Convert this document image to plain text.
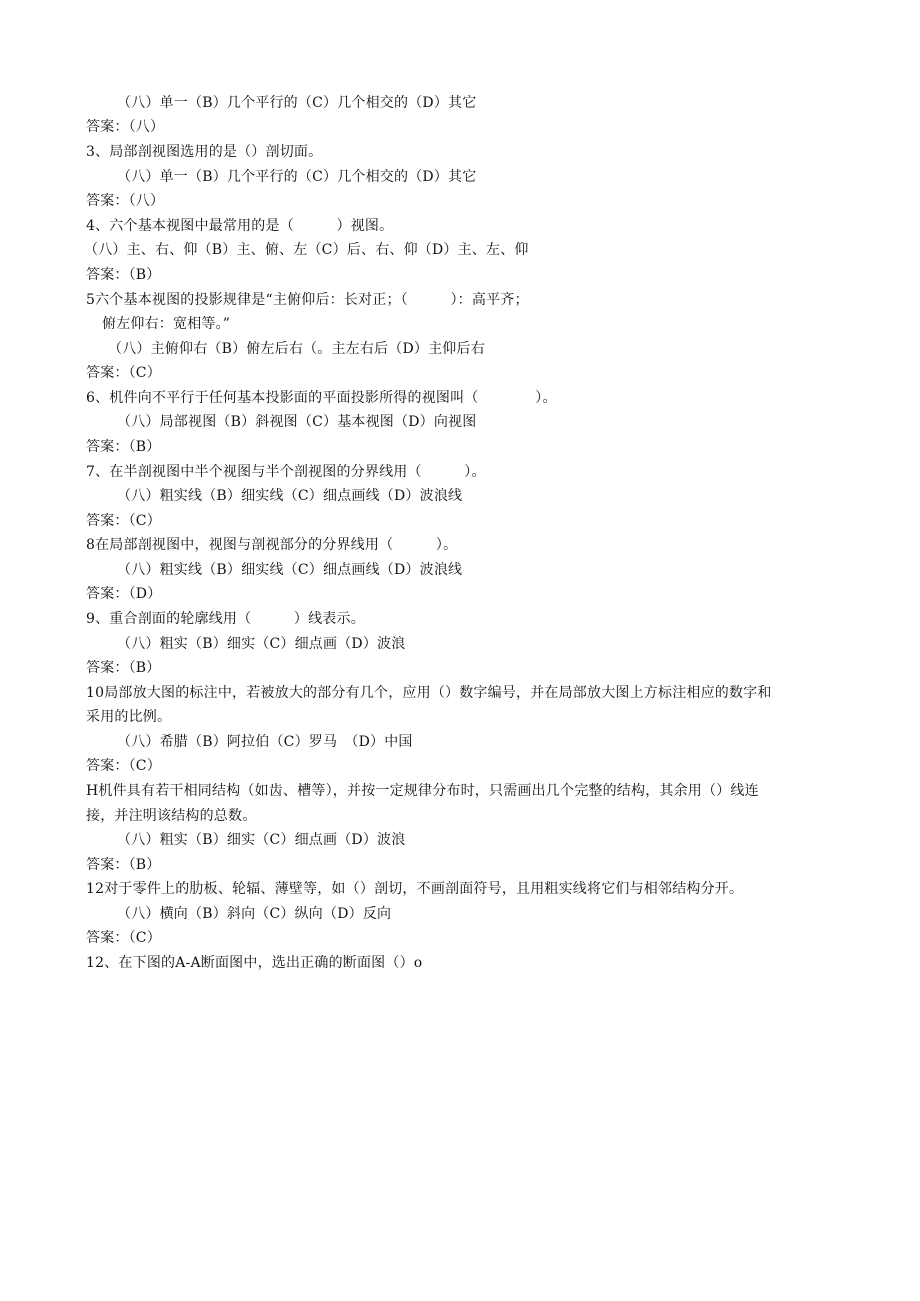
（八）单一（B）几个平行的（C）几个相交的（D）其它
答案：（八）
3、局部剖视图选用的是（）剖切面。
（八）单一（B）几个平行的（C）几个相交的（D）其它
答案：（八）
4、六个基本视图中最常用的是（　　　）视图。
（八）主、右、仰（B）主、俯、左（C）后、右、仰（D）主、左、仰
答案：（B）
5六个基本视图的投影规律是“主俯仰后：长对正；（　　　）：高平齐；
俯左仰右：宽相等。”
（八）主俯仰右（B）俯左后右（。主左右后（D）主仰后右
答案：（C）
6、机件向不平行于任何基本投影面的平面投影所得的视图叫（　　　　）。
（八）局部视图（B）斜视图（C）基本视图（D）向视图
答案：（B）
7、在半剖视图中半个视图与半个剖视图的分界线用（　　　）。
（八）粗实线（B）细实线（C）细点画线（D）波浪线
答案：（C）
8在局部剖视图中，视图与剖视部分的分界线用（　　　）。
（八）粗实线（B）细实线（C）细点画线（D）波浪线
答案：（D）
9、重合剖面的轮廓线用（　　　）线表示。
（八）粗实（B）细实（C）细点画（D）波浪
答案：（B）
10局部放大图的标注中，若被放大的部分有几个，应用（）数字编号，并在局部放大图上方标注相应的数字和
采用的比例。
（八）希腊（B）阿拉伯（C）罗马　（D）中国
答案：（C）
H机件具有若干相同结构（如齿、槽等），并按一定规律分布时，只需画出几个完整的结构，其余用（）线连
接，并注明该结构的总数。
（八）粗实（B）细实（C）细点画（D）波浪
答案：（B）
12对于零件上的肋板、轮辐、薄壁等，如（）剖切，不画剖面符号，且用粗实线将它们与相邻结构分开。
（八）横向（B）斜向（C）纵向（D）反向
答案：（C）
12、在下图的A-A断面图中，选出正确的断面图（）o
